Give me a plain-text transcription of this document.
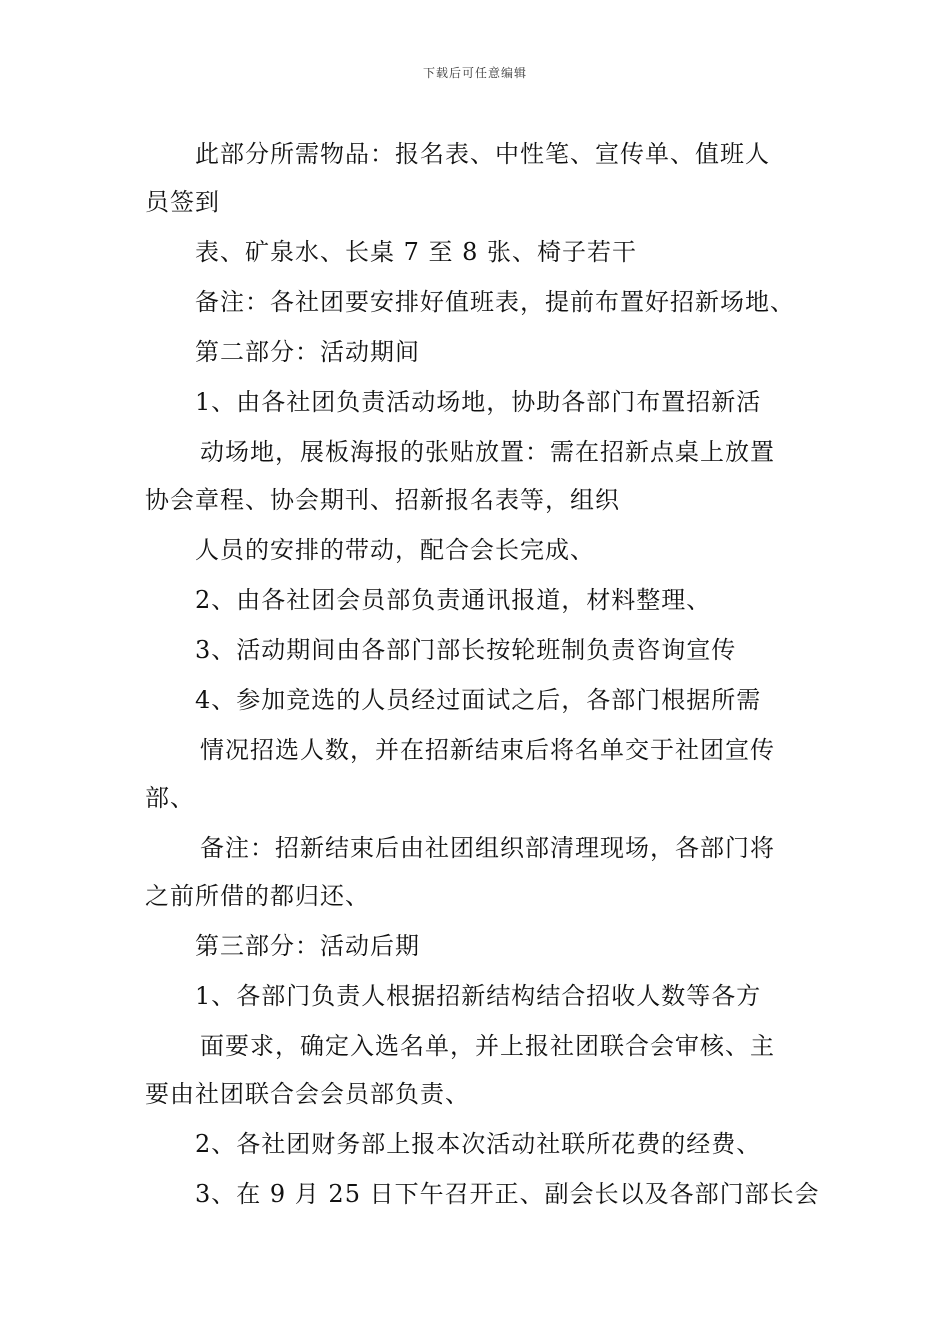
下载后可任意编辑
此部分所需物品：报名表、中性笔、宣传单、值班人
员签到
表、矿泉水、长桌 7 至 8 张、椅子若干
备注：各社团要安排好值班表，提前布置好招新场地、
第二部分：活动期间
1、由各社团负责活动场地，协助各部门布置招新活
动场地，展板海报的张贴放置：需在招新点桌上放置
协会章程、协会期刊、招新报名表等，组织
人员的安排的带动，配合会长完成、
2、由各社团会员部负责通讯报道，材料整理、
3、活动期间由各部门部长按轮班制负责咨询宣传
4、参加竞选的人员经过面试之后，各部门根据所需
情况招选人数，并在招新结束后将名单交于社团宣传
部、
备注：招新结束后由社团组织部清理现场，各部门将
之前所借的都归还、
第三部分：活动后期
1、各部门负责人根据招新结构结合招收人数等各方
面要求，确定入选名单，并上报社团联合会审核、主
要由社团联合会会员部负责、
2、各社团财务部上报本次活动社联所花费的经费、
3、在 9 月 25 日下午召开正、副会长以及各部门部长会
